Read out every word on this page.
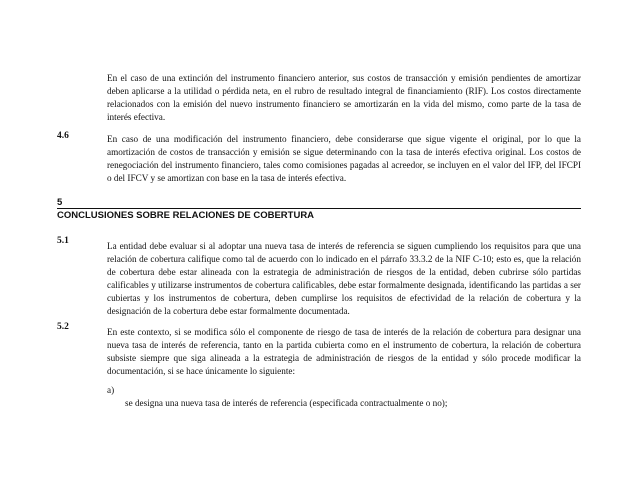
En el caso de una extinción del instrumento financiero anterior, sus costos de transacción y emisión pendientes de amortizar deben aplicarse a la utilidad o pérdida neta, en el rubro de resultado integral de financiamiento (RIF). Los costos directamente relacionados con la emisión del nuevo instrumento financiero se amortizarán en la vida del mismo, como parte de la tasa de interés efectiva.

4.6	En caso de una modificación del instrumento financiero, debe considerarse que sigue vigente el original, por lo que la amortización de costos de transacción y emisión se sigue determinando con la tasa de interés efectiva original. Los costos de renegociación del instrumento financiero, tales como comisiones pagadas al acreedor, se incluyen en el valor del IFP, del IFCPI o del IFCV y se amortizan con base en la tasa de interés efectiva.

5
CONCLUSIONES SOBRE RELACIONES DE COBERTURA

5.1	La entidad debe evaluar si al adoptar una nueva tasa de interés de referencia se siguen cumpliendo los requisitos para que una relación de cobertura califique como tal de acuerdo con lo indicado en el párrafo 33.3.2 de la NIF C-10; esto es, que la relación de cobertura debe estar alineada con la estrategia de administración de riesgos de la entidad, deben cubrirse sólo partidas calificables y utilizarse instrumentos de cobertura calificables, debe estar formalmente designada, identificando las partidas a ser cubiertas y los instrumentos de cobertura, deben cumplirse los requisitos de efectividad de la relación de cobertura y la designación de la cobertura debe estar formalmente documentada.

5.2	En este contexto, si se modifica sólo el componente de riesgo de tasa de interés de la relación de cobertura para designar una nueva tasa de interés de referencia, tanto en la partida cubierta como en el instrumento de cobertura, la relación de cobertura subsiste siempre que siga alineada a la estrategia de administración de riesgos de la entidad y sólo procede modificar la documentación, si se hace únicamente lo siguiente:

a)
se designa una nueva tasa de interés de referencia (especificada contractualmente o no);
